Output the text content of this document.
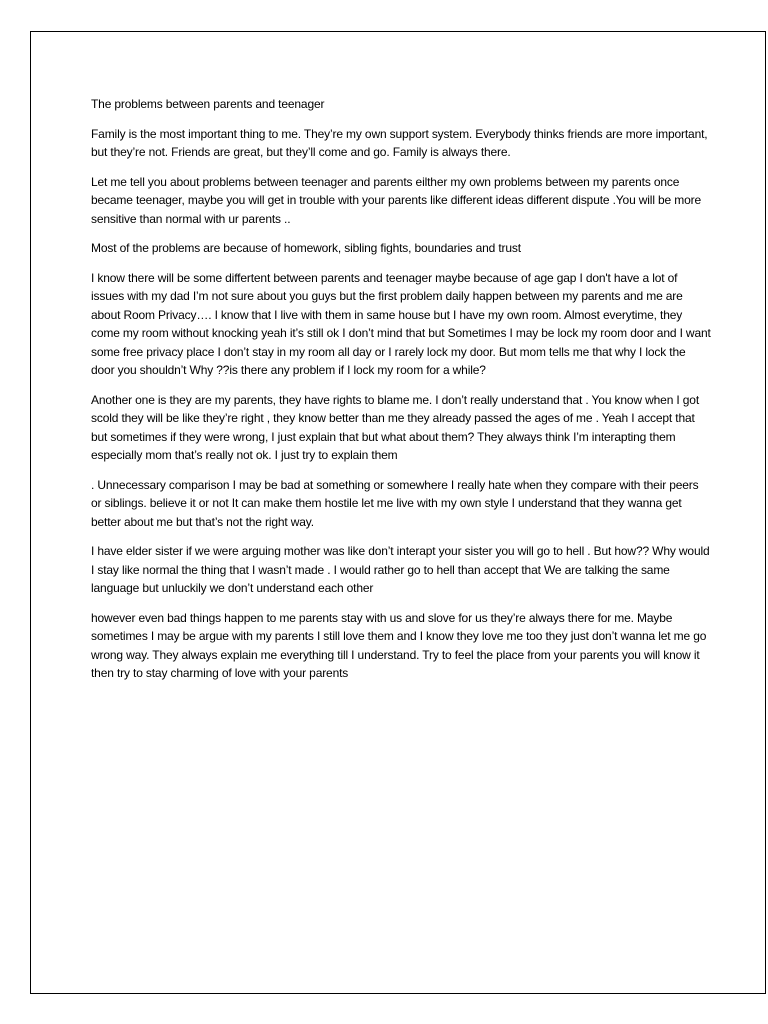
The problems between parents and teenager

Family is the most important thing to me. They’re my own support system. Everybody thinks friends are more important, but they’re not. Friends are great, but they’ll come and go. Family is always there.

Let me tell you about problems between teenager and parents eilther my own problems between my parents once became teenager, maybe you will get in trouble with your parents like different ideas different dispute .You will be more sensitive than normal with ur parents ..

Most of the problems are because of homework, sibling fights, boundaries and trust

I know there will be some differtent between parents and teenager maybe because of age gap I don't have a lot of issues with my dad I’m not sure about you guys but the first problem daily happen between my parents and me are about Room Privacy…. I know that I live with them in same house but I have my own room. Almost everytime, they come my room without knocking yeah it’s still ok I don’t mind that but Sometimes I may be lock my room door and I want some free privacy place I don’t stay in my room all day or I rarely lock my door. But mom tells me that why I lock the door you shouldn’t Why ??is there any problem if I lock my room for a while?

Another one is they are my parents, they have rights to blame me. I don’t really understand that . You know when I got scold they will be like they’re right , they know better than me they already passed the ages of me . Yeah I accept that but sometimes if they were wrong, I just explain that but what about them? They always think I’m interapting them especially mom that’s really not ok. I just try to explain them

. Unnecessary comparison I may be bad at something or somewhere I really hate when they compare with their peers or siblings. believe it or not It can make them hostile let me live with my own style I understand that they wanna get better about me but that’s not the right way.

I have elder sister if we were arguing mother was like don’t interapt your sister you will go to hell . But how?? Why would I stay like normal the thing that I wasn’t made . I would rather go to hell than accept that We are talking the same language but unluckily we don’t understand each other

however even bad things happen to me parents stay with us and slove for us they’re always there for me. Maybe sometimes I may be argue with my parents I still love them and I know they love me too they just don’t wanna let me go wrong way. They always explain me everything till I understand. Try to feel the place from your parents you will know it then try to stay charming of love with your parents
